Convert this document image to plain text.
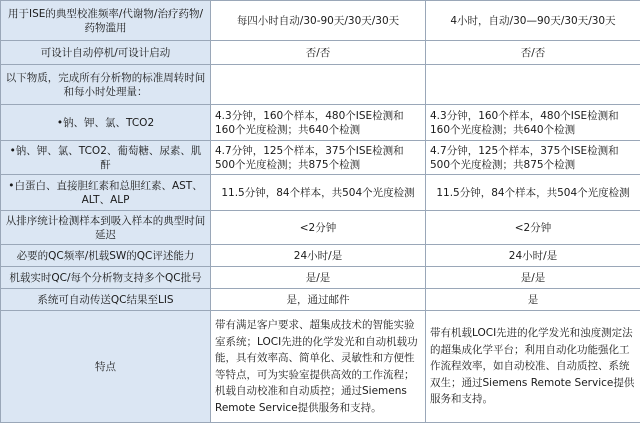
用于ISE的典型校准频率/代谢物/治疗药物/药物滥用	每四小时自动/30-90天/30天/30天	4小时，自动/30—90天/30天/30天
可设计自动停机/可设计启动	否/否	否/否
以下物质，完成所有分析物的标准周转时间和每小时处理量：		
•钠、钾、氯、TCO2	4.3分钟，160个样本，480个ISE检测和160个光度检测；共640个检测	4.3分钟，160个样本，480个ISE检测和160个光度检测；共640个检测
•钠、钾、氯、TCO2、葡萄糖、尿素、肌酐	4.7分钟，125个样本，375个ISE检测和500个光度检测；共875个检测	4.7分钟，125个样本，375个ISE检测和500个光度检测；共875个检测
•白蛋白、直接胆红素和总胆红素、AST、ALT、ALP	11.5分钟，84个样本，共504个光度检测	11.5分钟，84个样本，共504个光度检测
从排序统计检测样本到吸入样本的典型时间延迟	<2分钟	<2分钟
必要的QC频率/机载SW的QC评述能力	24小时/是	24小时/是
机载实时QC/每个分析物支持多个QC批号	是/是	是/是
系统可自动传送QC结果至LIS	是，通过邮件	是
特点	带有满足客户要求、超集成技术的智能实验室系统；LOCI先进的化学发光和自动机载功能，具有效率高、简单化、灵敏性和方便性等特点，可为实验室提供高效的工作流程；机载自动校准和自动质控；通过Siemens Remote Service提供服务和支持。	带有机载LOCI先进的化学发光和浊度测定法的超集成化学平台；利用自动化功能强化工作流程效率，如自动校准、自动质控、系统双生；通过Siemens Remote Service提供服务和支持。
